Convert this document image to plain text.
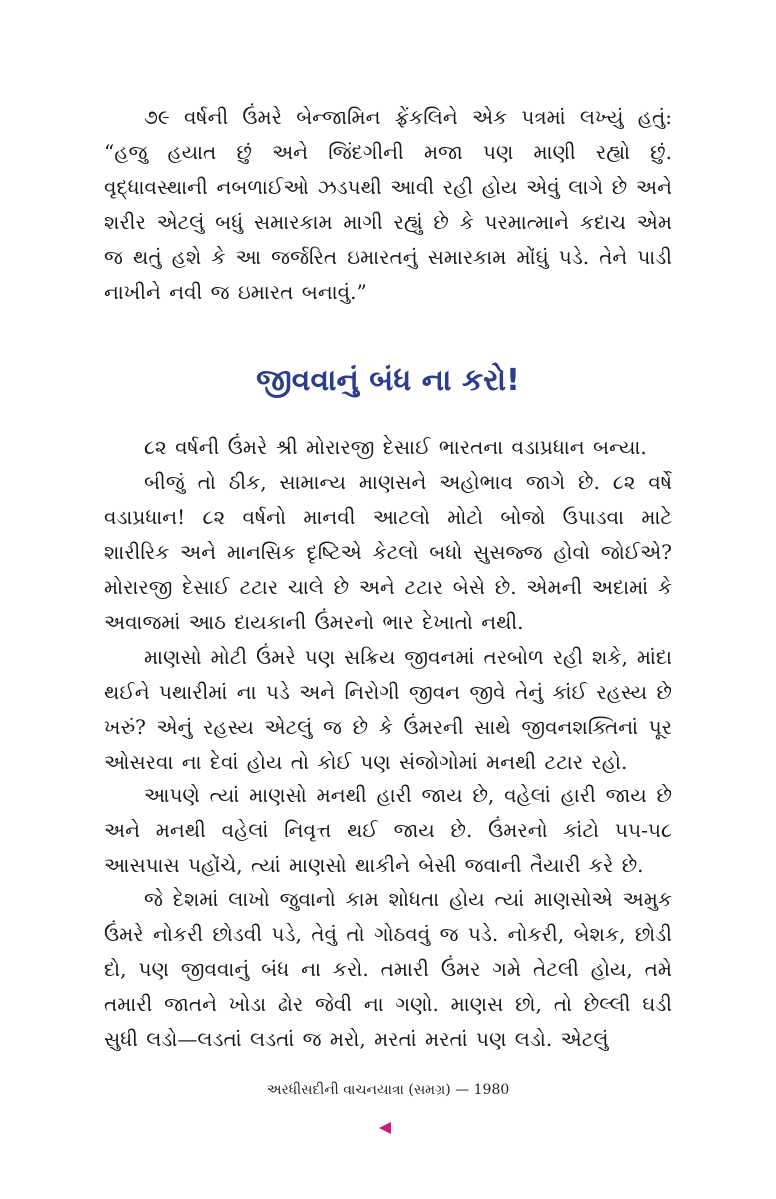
૭૯ વર્ષની ઉંમરે બેન્જામિન ફ્રેંકલિને એક પત્રમાં લખ્યું હતું: “હજુ હયાત છું અને જિંદગીની મજા પણ માણી રહ્યો છું. વૃદ્ધાવસ્થાની નબળાઈઓ ઝડપથી આવી રહી હોય એવું લાગે છે અને શરીર એટલું બધું સમારકામ માગી રહ્યું છે કે પરમાત્માને કદાચ એમ જ થતું હશે કે આ જર્જરિત ઇમારતનું સમારકામ મોંઘું પડે. તેને પાડી નાખીને નવી જ ઇમારત બનાવું.”

જીવવાનું બંધ ના કરો!

૮૨ વર્ષની ઉંમરે શ્રી મોરારજી દેસાઈ ભારતના વડાપ્રધાન બન્યા.

બીજું તો ઠીક, સામાન્ય માણસને અહોભાવ જાગે છે. ૮૨ વર્ષે વડાપ્રધાન! ૮૨ વર્ષનો માનવી આટલો મોટો બોજો ઉપાડવા માટે શારીરિક અને માનસિક દૃષ્ટિએ કેટલો બધો સુસજ્જ હોવો જોઈએ? મોરારજી દેસાઈ ટટાર ચાલે છે અને ટટાર બેસે છે. એમની અદામાં કે અવાજમાં આઠ દાયકાની ઉંમરનો ભાર દેખાતો નથી.

માણસો મોટી ઉંમરે પણ સક્રિય જીવનમાં તરબોળ રહી શકે, માંદા થઈને પથારીમાં ના પડે અને નિરોગી જીવન જીવે તેનું કાંઈ રહસ્ય છે ખરું? એનું રહસ્ય એટલું જ છે કે ઉંમરની સાથે જીવનશક્તિનાં પૂર ઓસરવા ના દેવાં હોય તો કોઈ પણ સંજોગોમાં મનથી ટટાર રહો.

આપણે ત્યાં માણસો મનથી હારી જાય છે, વહેલાં હારી જાય છે અને મનથી વહેલાં નિવૃત્ત થઈ જાય છે. ઉંમરનો કાંટો ૫૫-૫૮ આસપાસ પહોંચે, ત્યાં માણસો થાકીને બેસી જવાની તૈયારી કરે છે.

જે દેશમાં લાખો જુવાનો કામ શોધતા હોય ત્યાં માણસોએ અમુક ઉંમરે નોકરી છોડવી પડે, તેવું તો ગોઠવવું જ પડે. નોકરી, બેશક, છોડી દો, પણ જીવવાનું બંધ ના કરો. તમારી ઉંમર ગમે તેટલી હોય, તમે તમારી જાતને ખોડા ઢોર જેવી ના ગણો. માણસ છો, તો છેલ્લી ઘડી સુધી લડો—લડતાં લડતાં જ મરો, મરતાં મરતાં પણ લડો. એટલું

અરધીસદીની વાચનયાત્રા (સમગ્ર) — 1980
